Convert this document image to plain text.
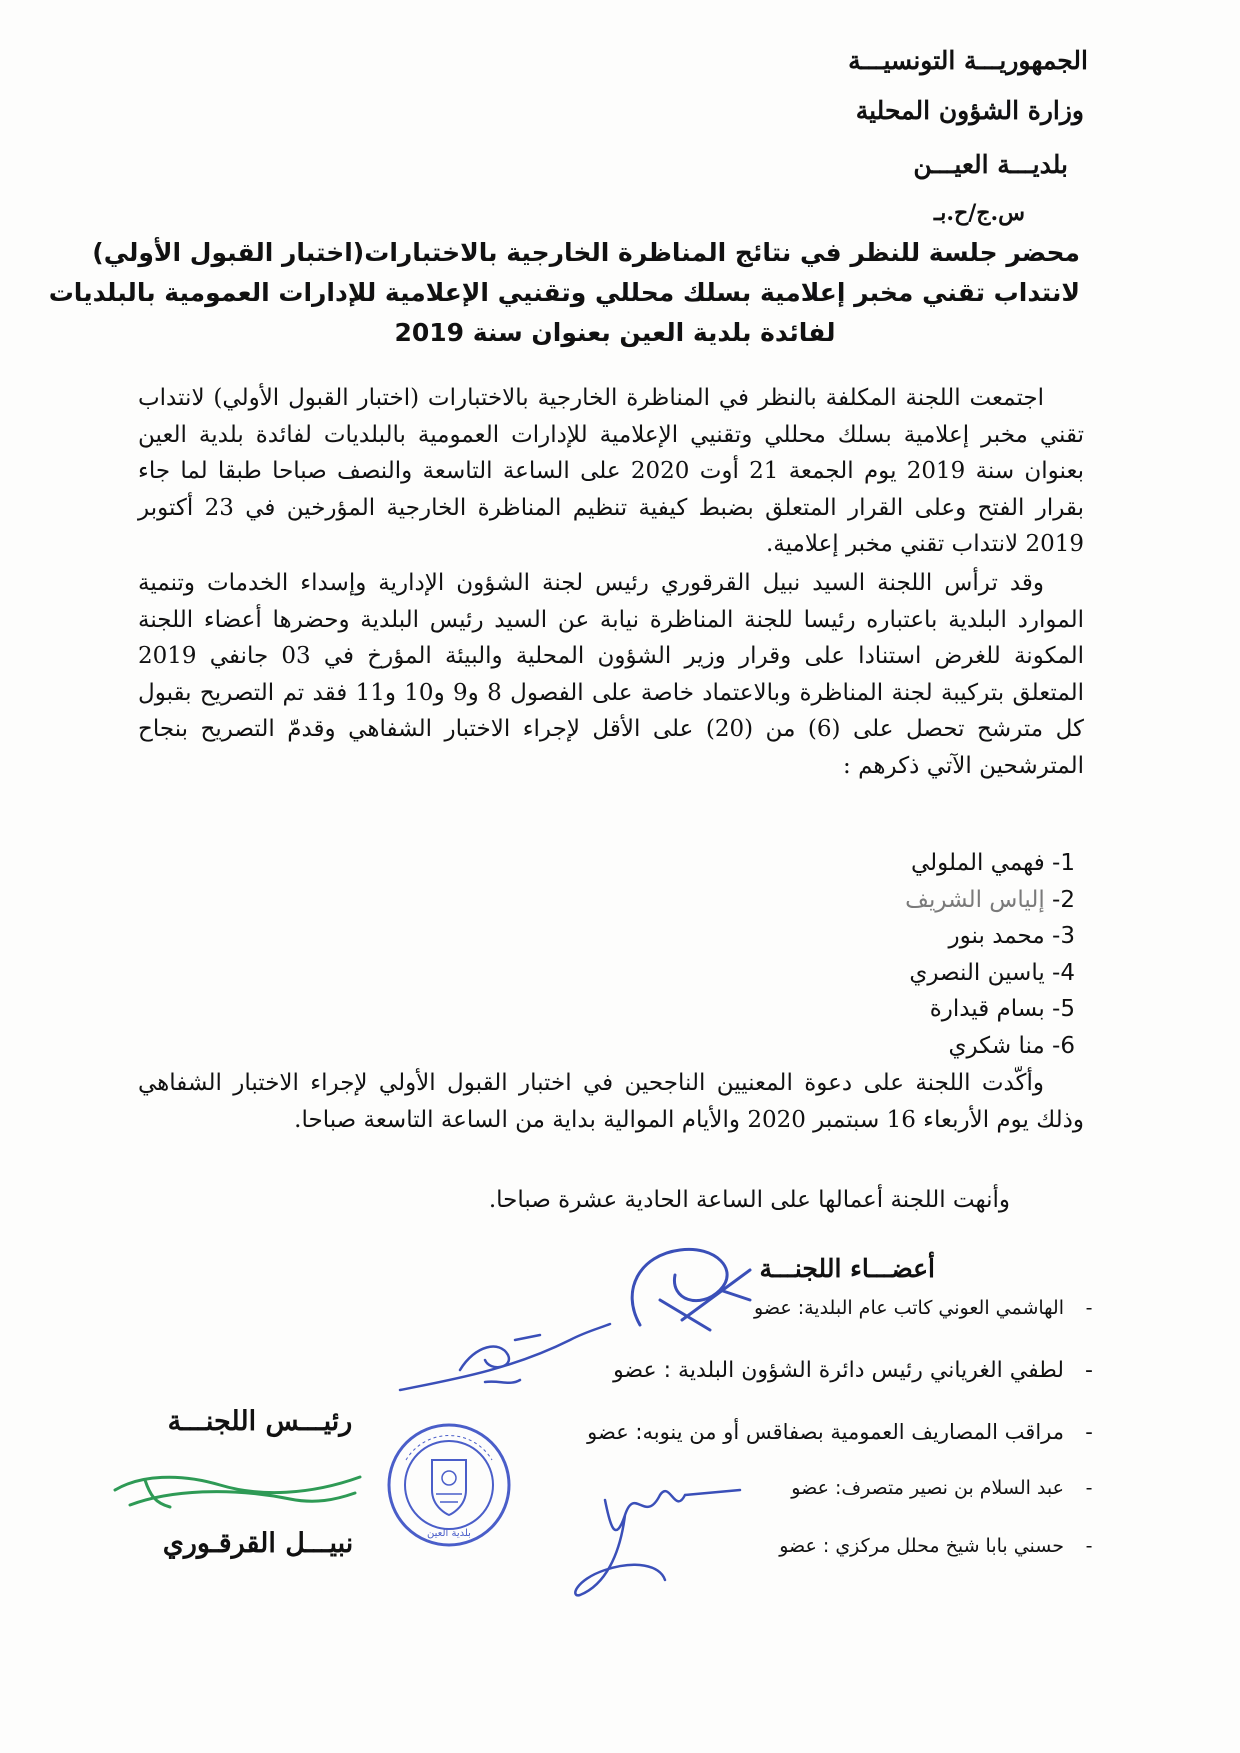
الجمهوريـــة التونسيـــة
وزارة الشؤون المحلية
بلديـــة العيـــن
س.ج/ح.بـ
محضر جلسة للنظر في نتائج المناظرة الخارجية بالاختبارات(اختبار القبول الأولي)
لانتداب تقني مخبر إعلامية بسلك محللي وتقنيي الإعلامية للإدارات العمومية بالبلديات
لفائدة بلدية العين بعنوان سنة 2019
اجتمعت اللجنة المكلفة بالنظر في المناظرة الخارجية بالاختبارات (اختبار القبول الأولي) لانتداب تقني مخبر إعلامية بسلك محللي وتقنيي الإعلامية للإدارات العمومية بالبلديات لفائدة بلدية العين بعنوان سنة 2019 يوم الجمعة 21 أوت 2020 على الساعة التاسعة والنصف صباحا طبقا لما جاء بقرار الفتح وعلى القرار المتعلق بضبط كيفية تنظيم المناظرة الخارجية المؤرخين في 23 أكتوبر 2019 لانتداب تقني مخبر إعلامية.
وقد ترأس اللجنة السيد نبيل القرقوري رئيس لجنة الشؤون الإدارية وإسداء الخدمات وتنمية الموارد البلدية باعتباره رئيسا للجنة المناظرة نيابة عن السيد رئيس البلدية وحضرها أعضاء اللجنة المكونة للغرض استنادا على وقرار وزير الشؤون المحلية والبيئة المؤرخ في 03 جانفي 2019 المتعلق بتركيبة لجنة المناظرة وبالاعتماد خاصة على الفصول 8 و9 و10 و11 فقد تم التصريح بقبول كل مترشح تحصل على (6) من (20) على الأقل لإجراء الاختبار الشفاهي وقدمّ التصريح بنجاح المترشحين الآتي ذكرهم :
1- فهمي الملولي
2- إلياس الشريف
3- محمد بنور
4- ياسين النصري
5- بسام قيدارة
6- منا شكري
وأكّدت اللجنة على دعوة المعنيين الناجحين في اختبار القبول الأولي لإجراء الاختبار الشفاهي وذلك يوم الأربعاء 16 سبتمبر 2020 والأيام الموالية بداية من الساعة التاسعة صباحا.
وأنهت اللجنة أعمالها على الساعة الحادية عشرة صباحا.
أعضـــاء اللجنـــة
-الهاشمي العوني كاتب عام البلدية: عضو
-لطفي الغرياني رئيس دائرة الشؤون البلدية : عضو
-مراقب المصاريف العمومية بصفاقس أو من ينوبه: عضو
-عبد السلام بن نصير متصرف: عضو
-حسني بابا شيخ محلل مركزي : عضو
رئيـــس اللجنـــة
نبيـــل القرقـوري	بلدية العين
